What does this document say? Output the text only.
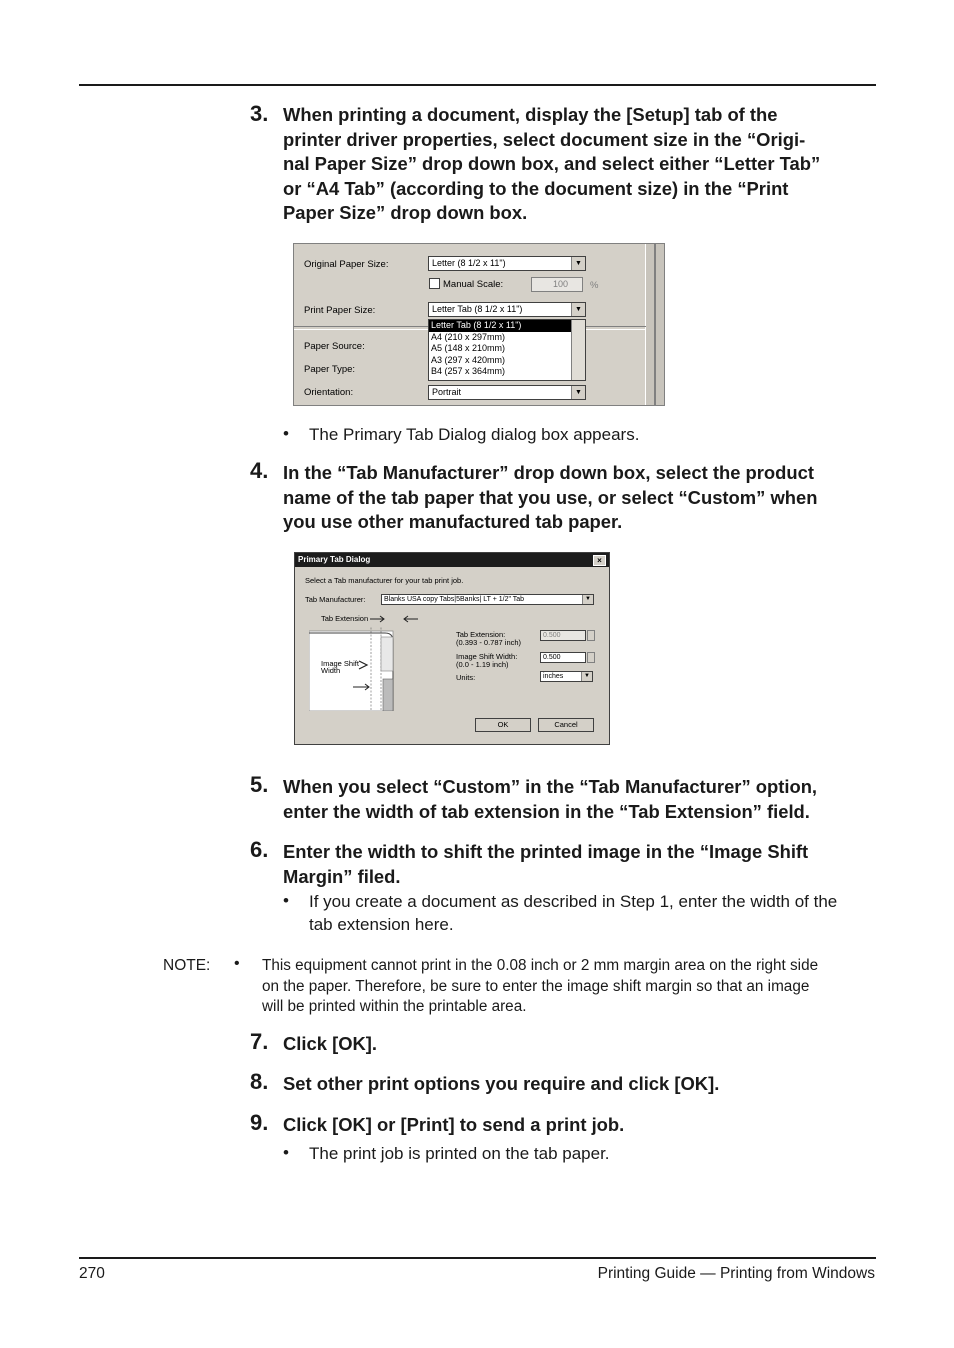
3. When printing a document, display the [Setup] tab of the
printer driver properties, select document size in the “Origi-
nal Paper Size” drop down box, and select either “Letter Tab”
or “A4 Tab” (according to the document size) in the “Print
Paper Size” drop down box.
Original Paper Size:	Letter (8 1/2 x 11")	▼
Manual Scale:	100 %
Print Paper Size:	Letter Tab (8 1/2 x 11")	▼
Letter Tab (8 1/2 x 11")
A4 (210 x 297mm)
A5 (148 x 210mm)
A3 (297 x 420mm)
B4 (257 x 364mm)
Paper Source:
Paper Type:
Orientation:	Portrait	▼
• The Primary Tab Dialog dialog box appears.
4. In the “Tab Manufacturer” drop down box, select the product
name of the tab paper that you use, or select “Custom” when
you use other manufactured tab paper.
Primary Tab Dialog	×
Select a Tab manufacturer for your tab print job.
Tab Manufacturer:	Blanks USA copy Tabs|5Banks| LT + 1/2" Tab	▼
Tab Extension
Image Shift
Width
Tab Extension:
(0.393 - 0.787 inch)
0.500
Image Shift Width:
(0.0 - 1.19 inch)
0.500
Units:	inches	▼
OK	Cancel
5. When you select “Custom” in the “Tab Manufacturer” option,
enter the width of tab extension in the “Tab Extension” field.
6. Enter the width to shift the printed image in the “Image Shift
Margin” filed.
• If you create a document as described in Step 1, enter the width of the
tab extension here.
NOTE: • This equipment cannot print in the 0.08 inch or 2 mm margin area on the right side
on the paper. Therefore, be sure to enter the image shift margin so that an image
will be printed within the printable area.
7. Click [OK].
8. Set other print options you require and click [OK].
9. Click [OK] or [Print] to send a print job.
• The print job is printed on the tab paper.
270	Printing Guide — Printing from Windows
